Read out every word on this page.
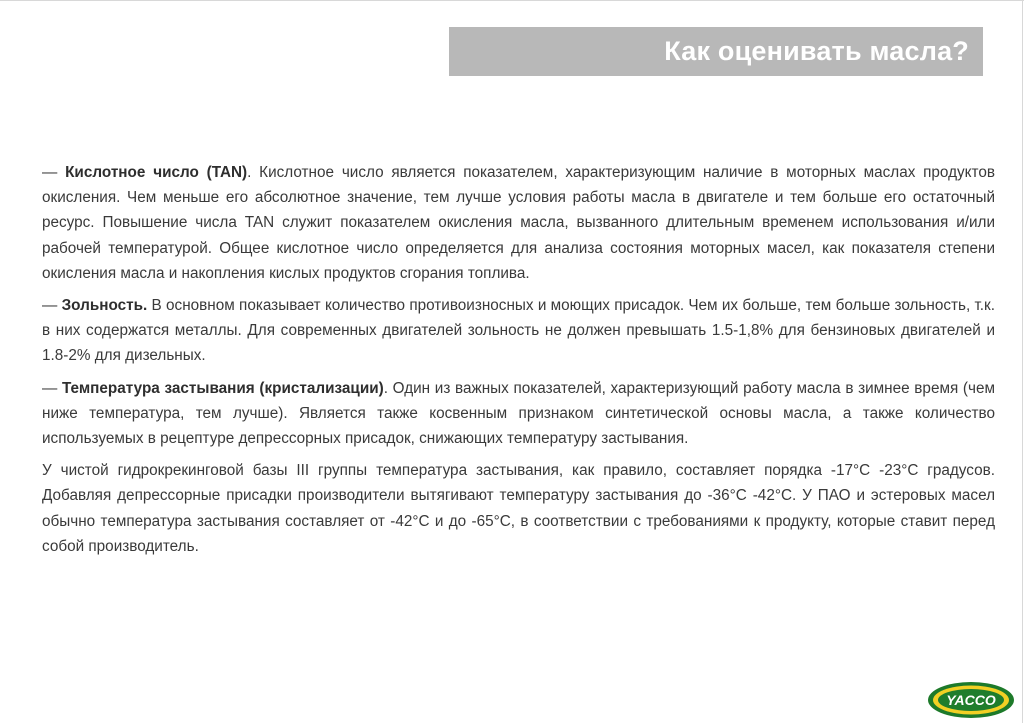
Как оценивать масла?

— Кислотное число (TAN). Кислотное число является показателем, характеризующим наличие в моторных маслах продуктов окисления. Чем меньше его абсолютное значение, тем лучше условия работы масла в двигателе и тем больше его остаточный ресурс. Повышение числа TAN служит показателем окисления масла, вызванного длительным временем использования и/или рабочей температурой. Общее кислотное число определяется для анализа состояния моторных масел, как показателя степени окисления масла и накопления кислых продуктов сгорания топлива.

— Зольность. В основном показывает количество противоизносных и моющих присадок. Чем их больше, тем больше зольность, т.к. в них содержатся металлы. Для современных двигателей зольность не должен превышать 1.5-1,8% для бензиновых двигателей и 1.8-2% для дизельных.

— Температура застывания (кристализации). Один из важных показателей, характеризующий работу масла в зимнее время (чем ниже температура, тем лучше). Является также косвенным признаком синтетической основы масла, а также количество используемых в рецептуре депрессорных присадок, снижающих температуру застывания.

У чистой гидрокрекинговой базы III группы температура застывания, как правило, составляет порядка -17°С -23°С градусов. Добавляя депрессорные присадки производители вытягивают температуру застывания до -36°С -42°С. У ПАО и эстеровых масел обычно температура застывания составляет от -42°С и до -65°С, в соответствии с требованиями к продукту, которые ставит перед собой производитель.

YACCO
